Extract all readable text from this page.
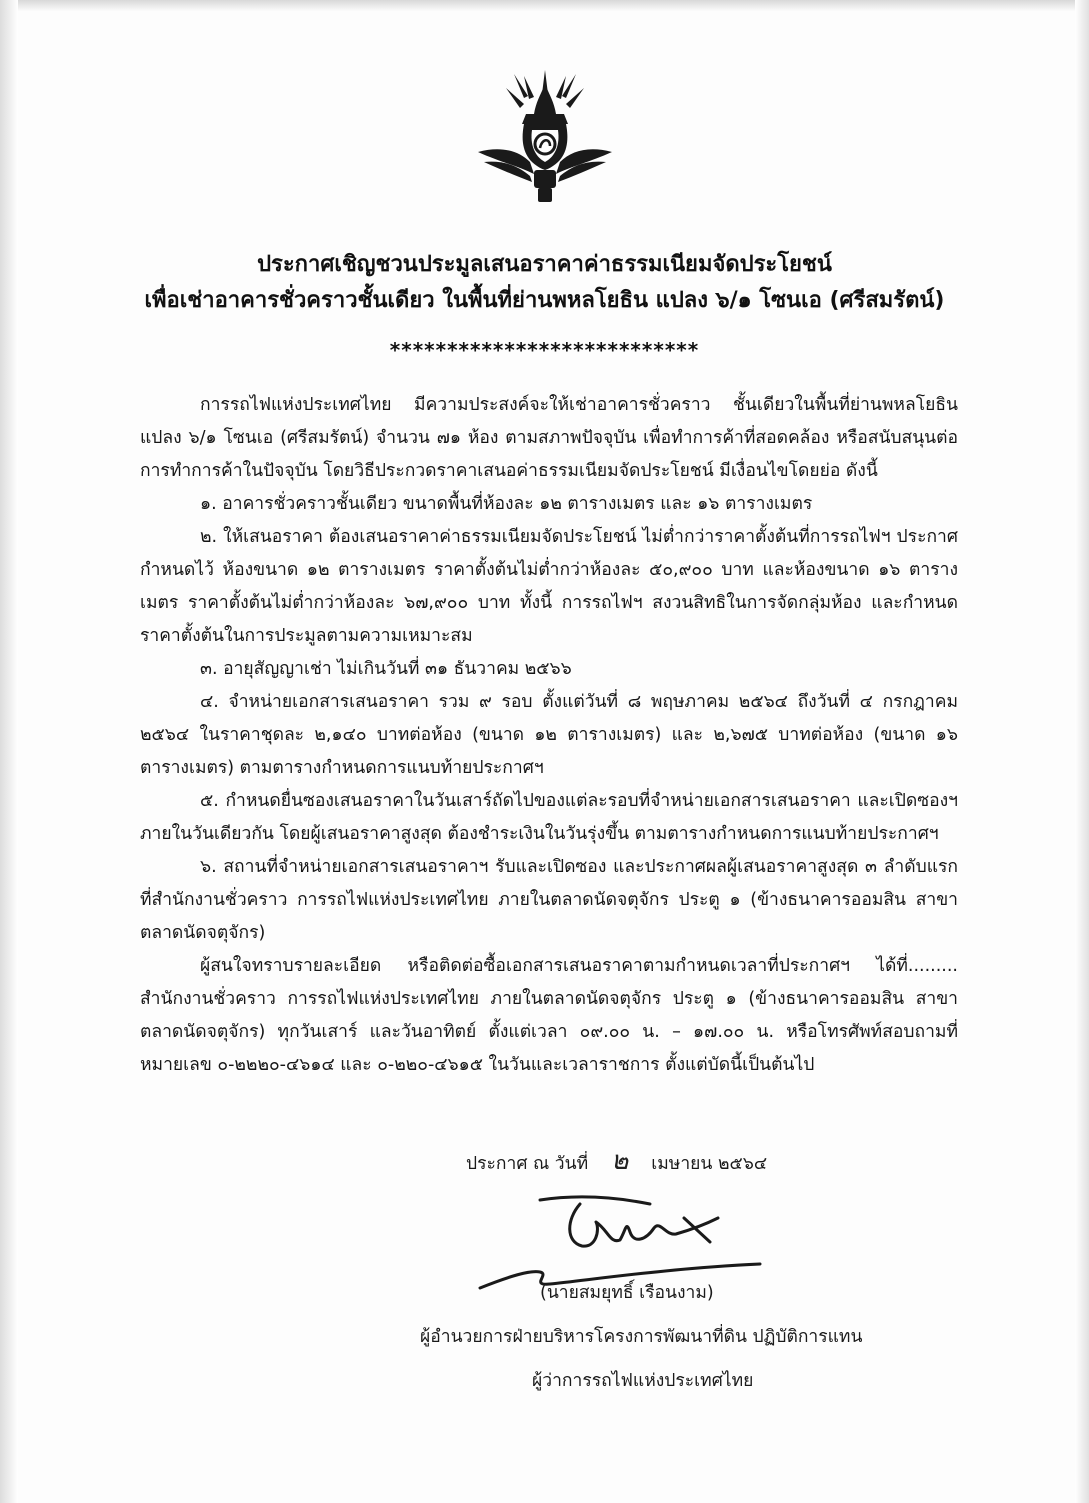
ประกาศเชิญชวนประมูลเสนอราคาค่าธรรมเนียมจัดประโยชน์
เพื่อเช่าอาคารชั่วคราวชั้นเดียว ในพื้นที่ย่านพหลโยธิน แปลง ๖/๑ โซนเอ (ศรีสมรัตน์)
***************************

การรถไฟแห่งประเทศไทย มีความประสงค์จะให้เช่าอาคารชั่วคราว ชั้นเดียวในพื้นที่ย่านพหลโยธิน แปลง ๖/๑ โซนเอ (ศรีสมรัตน์) จำนวน ๗๑ ห้อง ตามสภาพปัจจุบัน เพื่อทำการค้าที่สอดคล้อง หรือสนับสนุนต่อการทำการค้าในปัจจุบัน โดยวิธีประกวดราคาเสนอค่าธรรมเนียมจัดประโยชน์ มีเงื่อนไขโดยย่อ ดังนี้

๑. อาคารชั่วคราวชั้นเดียว ขนาดพื้นที่ห้องละ ๑๒ ตารางเมตร และ ๑๖ ตารางเมตร

๒. ให้เสนอราคา ต้องเสนอราคาค่าธรรมเนียมจัดประโยชน์ ไม่ต่ำกว่าราคาตั้งต้นที่การรถไฟฯ ประกาศกำหนดไว้ ห้องขนาด ๑๒ ตารางเมตร ราคาตั้งต้นไม่ต่ำกว่าห้องละ ๕๐,๙๐๐ บาท และห้องขนาด ๑๖ ตารางเมตร ราคาตั้งต้นไม่ต่ำกว่าห้องละ ๖๗,๙๐๐ บาท ทั้งนี้ การรถไฟฯ สงวนสิทธิในการจัดกลุ่มห้อง และกำหนดราคาตั้งต้นในการประมูลตามความเหมาะสม

๓. อายุสัญญาเช่า ไม่เกินวันที่ ๓๑ ธันวาคม ๒๕๖๖

๔. จำหน่ายเอกสารเสนอราคา รวม ๙ รอบ ตั้งแต่วันที่ ๘ พฤษภาคม ๒๕๖๔ ถึงวันที่ ๔ กรกฎาคม ๒๕๖๔ ในราคาชุดละ ๒,๑๔๐ บาทต่อห้อง (ขนาด ๑๒ ตารางเมตร) และ ๒,๖๗๕ บาทต่อห้อง (ขนาด ๑๖ ตารางเมตร) ตามตารางกำหนดการแนบท้ายประกาศฯ

๕. กำหนดยื่นซองเสนอราคาในวันเสาร์ถัดไปของแต่ละรอบที่จำหน่ายเอกสารเสนอราคา และเปิดซองฯ ภายในวันเดียวกัน โดยผู้เสนอราคาสูงสุด ต้องชำระเงินในวันรุ่งขึ้น ตามตารางกำหนดการแนบท้ายประกาศฯ

๖. สถานที่จำหน่ายเอกสารเสนอราคาฯ รับและเปิดซอง และประกาศผลผู้เสนอราคาสูงสุด ๓ ลำดับแรก ที่สำนักงานชั่วคราว การรถไฟแห่งประเทศไทย ภายในตลาดนัดจตุจักร ประตู ๑ (ข้างธนาคารออมสิน สาขาตลาดนัดจตุจักร)

ผู้สนใจทราบรายละเอียด หรือติดต่อซื้อเอกสารเสนอราคาตามกำหนดเวลาที่ประกาศฯ ได้ที่......... สำนักงานชั่วคราว การรถไฟแห่งประเทศไทย ภายในตลาดนัดจตุจักร ประตู ๑ (ข้างธนาคารออมสิน สาขาตลาดนัดจตุจักร) ทุกวันเสาร์ และวันอาทิตย์ ตั้งแต่เวลา ๐๙.๐๐ น. – ๑๗.๐๐ น. หรือโทรศัพท์สอบถามที่หมายเลข ๐-๒๒๒๐-๔๖๑๔ และ ๐-๒๒๐-๔๖๑๕ ในวันและเวลาราชการ ตั้งแต่บัดนี้เป็นต้นไป

ประกาศ ณ วันที่ ๒ เมษายน ๒๕๖๔
(นายสมยุทธิ์ เรือนงาม)
ผู้อำนวยการฝ่ายบริหารโครงการพัฒนาที่ดิน ปฏิบัติการแทน
ผู้ว่าการรถไฟแห่งประเทศไทย
